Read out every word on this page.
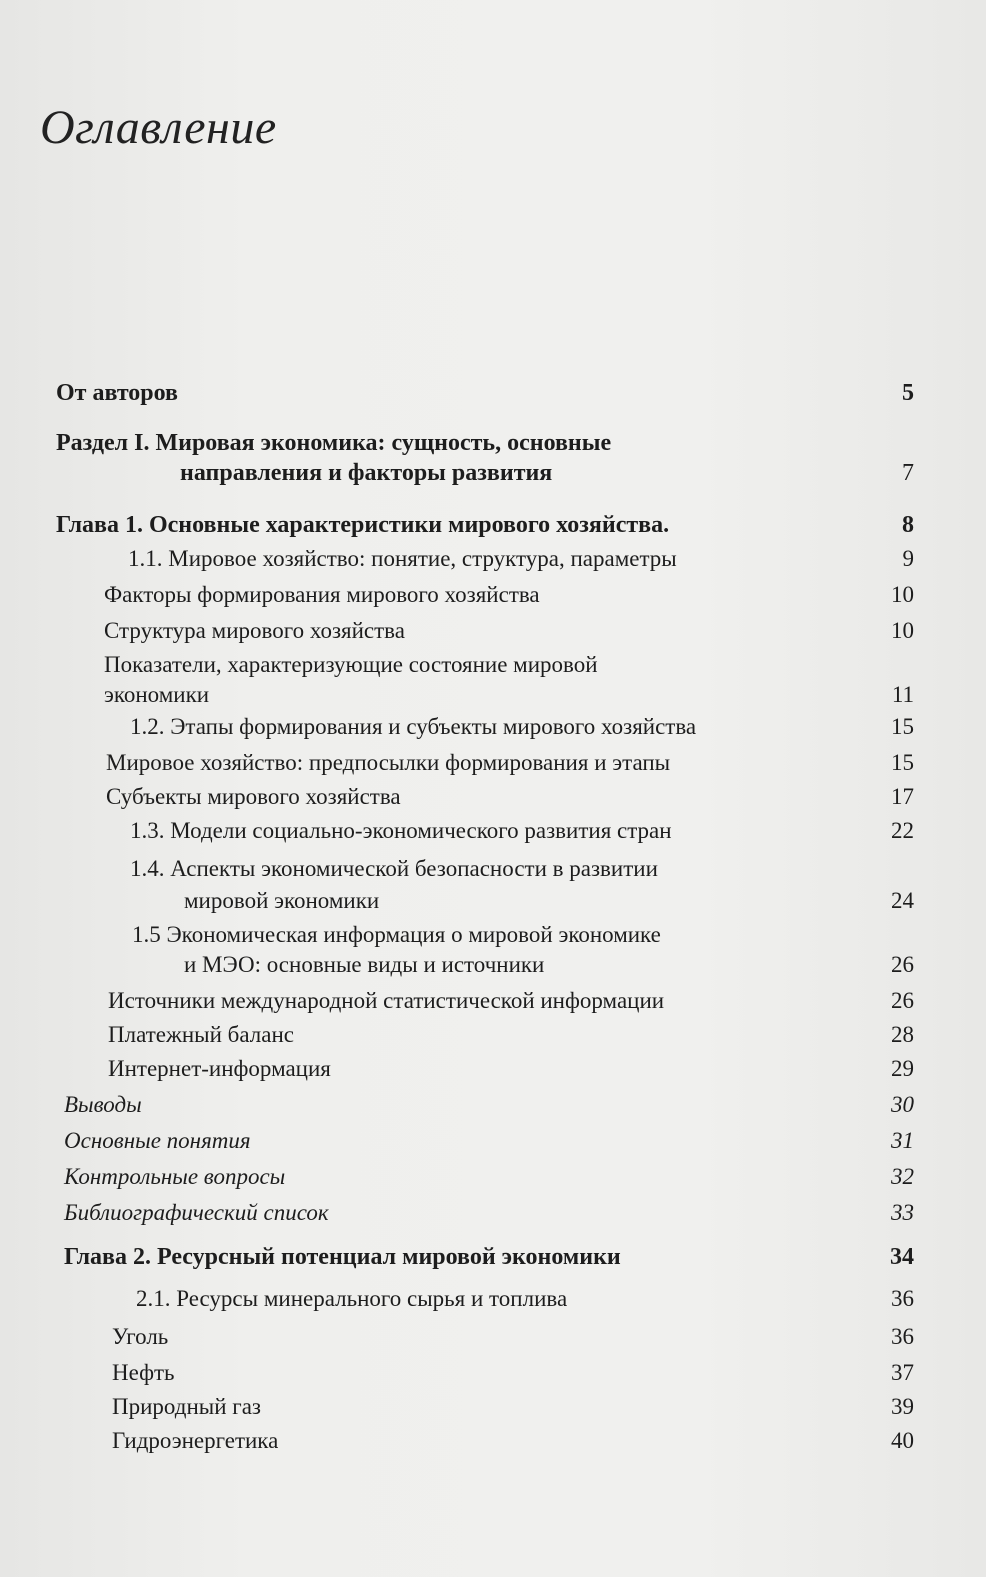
Оглавление
От авторов	5
Раздел I. Мировая экономика: сущность, основные
направления и факторы развития	7
Глава 1. Основные характеристики мирового хозяйства.	8
1.1. Мировое хозяйство: понятие, структура, параметры	9
Факторы формирования мирового хозяйства	10
Структура мирового хозяйства	10
Показатели, характеризующие состояние мировой
экономики	11
1.2. Этапы формирования и субъекты мирового хозяйства	15
Мировое хозяйство: предпосылки формирования и этапы	15
Субъекты мирового хозяйства	17
1.3. Модели социально-экономического развития стран	22
1.4. Аспекты экономической безопасности в развитии
мировой экономики	24
1.5 Экономическая информация о мировой экономике
и МЭО: основные виды и источники	26
Источники международной статистической информации	26
Платежный баланс	28
Интернет-информация	29
Выводы	30
Основные понятия	31
Контрольные вопросы	32
Библиографический список	33
Глава 2. Ресурсный потенциал мировой экономики	34
2.1. Ресурсы минерального сырья и топлива	36
Уголь	36
Нефть	37
Природный газ	39
Гидроэнергетика	40
